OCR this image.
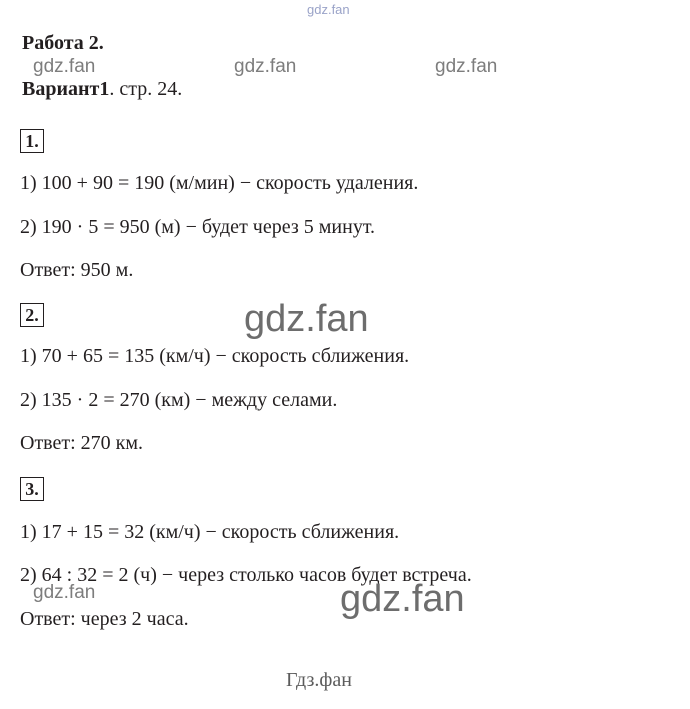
gdz.fan
Работа 2.
Вариант1. стр. 24.
gdz.fan	gdz.fan	gdz.fan
1.
1) 100 + 90 = 190 (м/мин) − скорость удаления.
2) 190 · 5 = 950 (м) − будет через 5 минут.
Ответ: 950 м.
2.
1) 70 + 65 = 135 (км/ч) − скорость сближения.
2) 135 · 2 = 270 (км) − между селами.
Ответ: 270 км.
gdz.fan
3.
1) 17 + 15 = 32 (км/ч) − скорость сближения.
2) 64 : 32 = 2 (ч) − через столько часов будет встреча.
Ответ: через 2 часа.
gdz.fan	gdz.fan
Гдз.фан
